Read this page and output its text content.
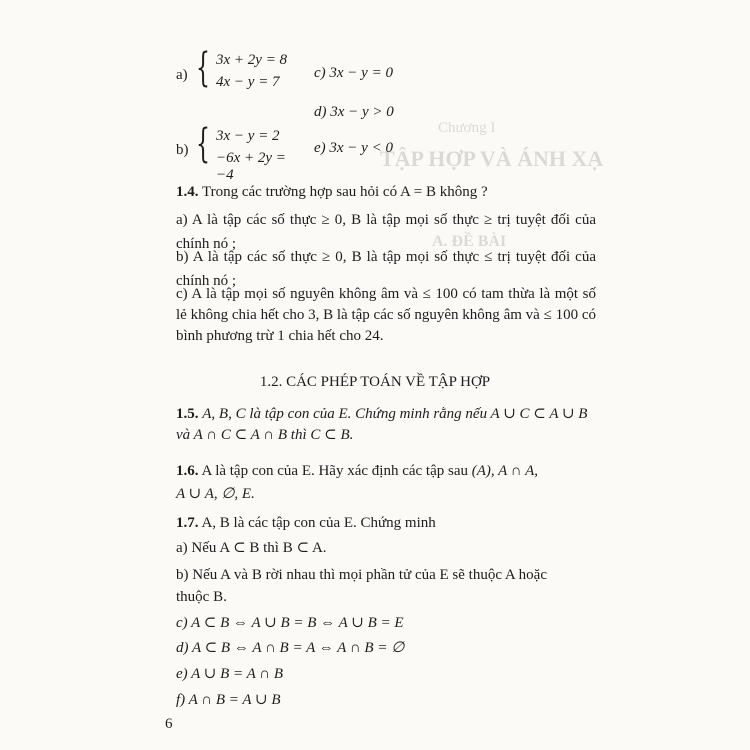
Chương I
TẬP HỢP VÀ ÁNH XẠ
A. ĐỀ BÀI
a) { 3x + 2y = 8
4x − y = 7
c) 3x − y = 0
d) 3x − y > 0
b) { 3x − y = 2
−6x + 2y = −4
e) 3x − y < 0
1.4. Trong các trường hợp sau hỏi có A = B không ?
a) A là tập các số thực ≥ 0, B là tập mọi số thực ≥ trị tuyệt đối của chính nó ;
b) A là tập các số thực ≥ 0, B là tập mọi số thực ≤ trị tuyệt đối của chính nó ;
c) A là tập mọi số nguyên không âm và ≤ 100 có tam thừa là một số lẻ không chia hết cho 3, B là tập các số nguyên không âm và ≤ 100 có bình phương trừ 1 chia hết cho 24.
1.2. CÁC PHÉP TOÁN VỀ TẬP HỢP
1.5. A, B, C là tập con của E. Chứng minh rằng nếu A ∪ C ⊂ A ∪ B
và A ∩ C ⊂ A ∩ B thì C ⊂ B.
1.6. A là tập con của E. Hãy xác định các tập sau (A), A ∩ A,
A ∪ A, ∅, E.
1.7. A, B là các tập con của E. Chứng minh
a) Nếu A ⊂ B thì B ⊂ A.
b) Nếu A và B rời nhau thì mọi phần tử của E sẽ thuộc A hoặc
thuộc B.
c) A ⊂ B ⇔ A ∪ B = B ⇔ A ∪ B = E
d) A ⊂ B ⇔ A ∩ B = A ⇔ A ∩ B = ∅
e) A ∪ B = A ∩ B
f) A ∩ B = A ∪ B
6
